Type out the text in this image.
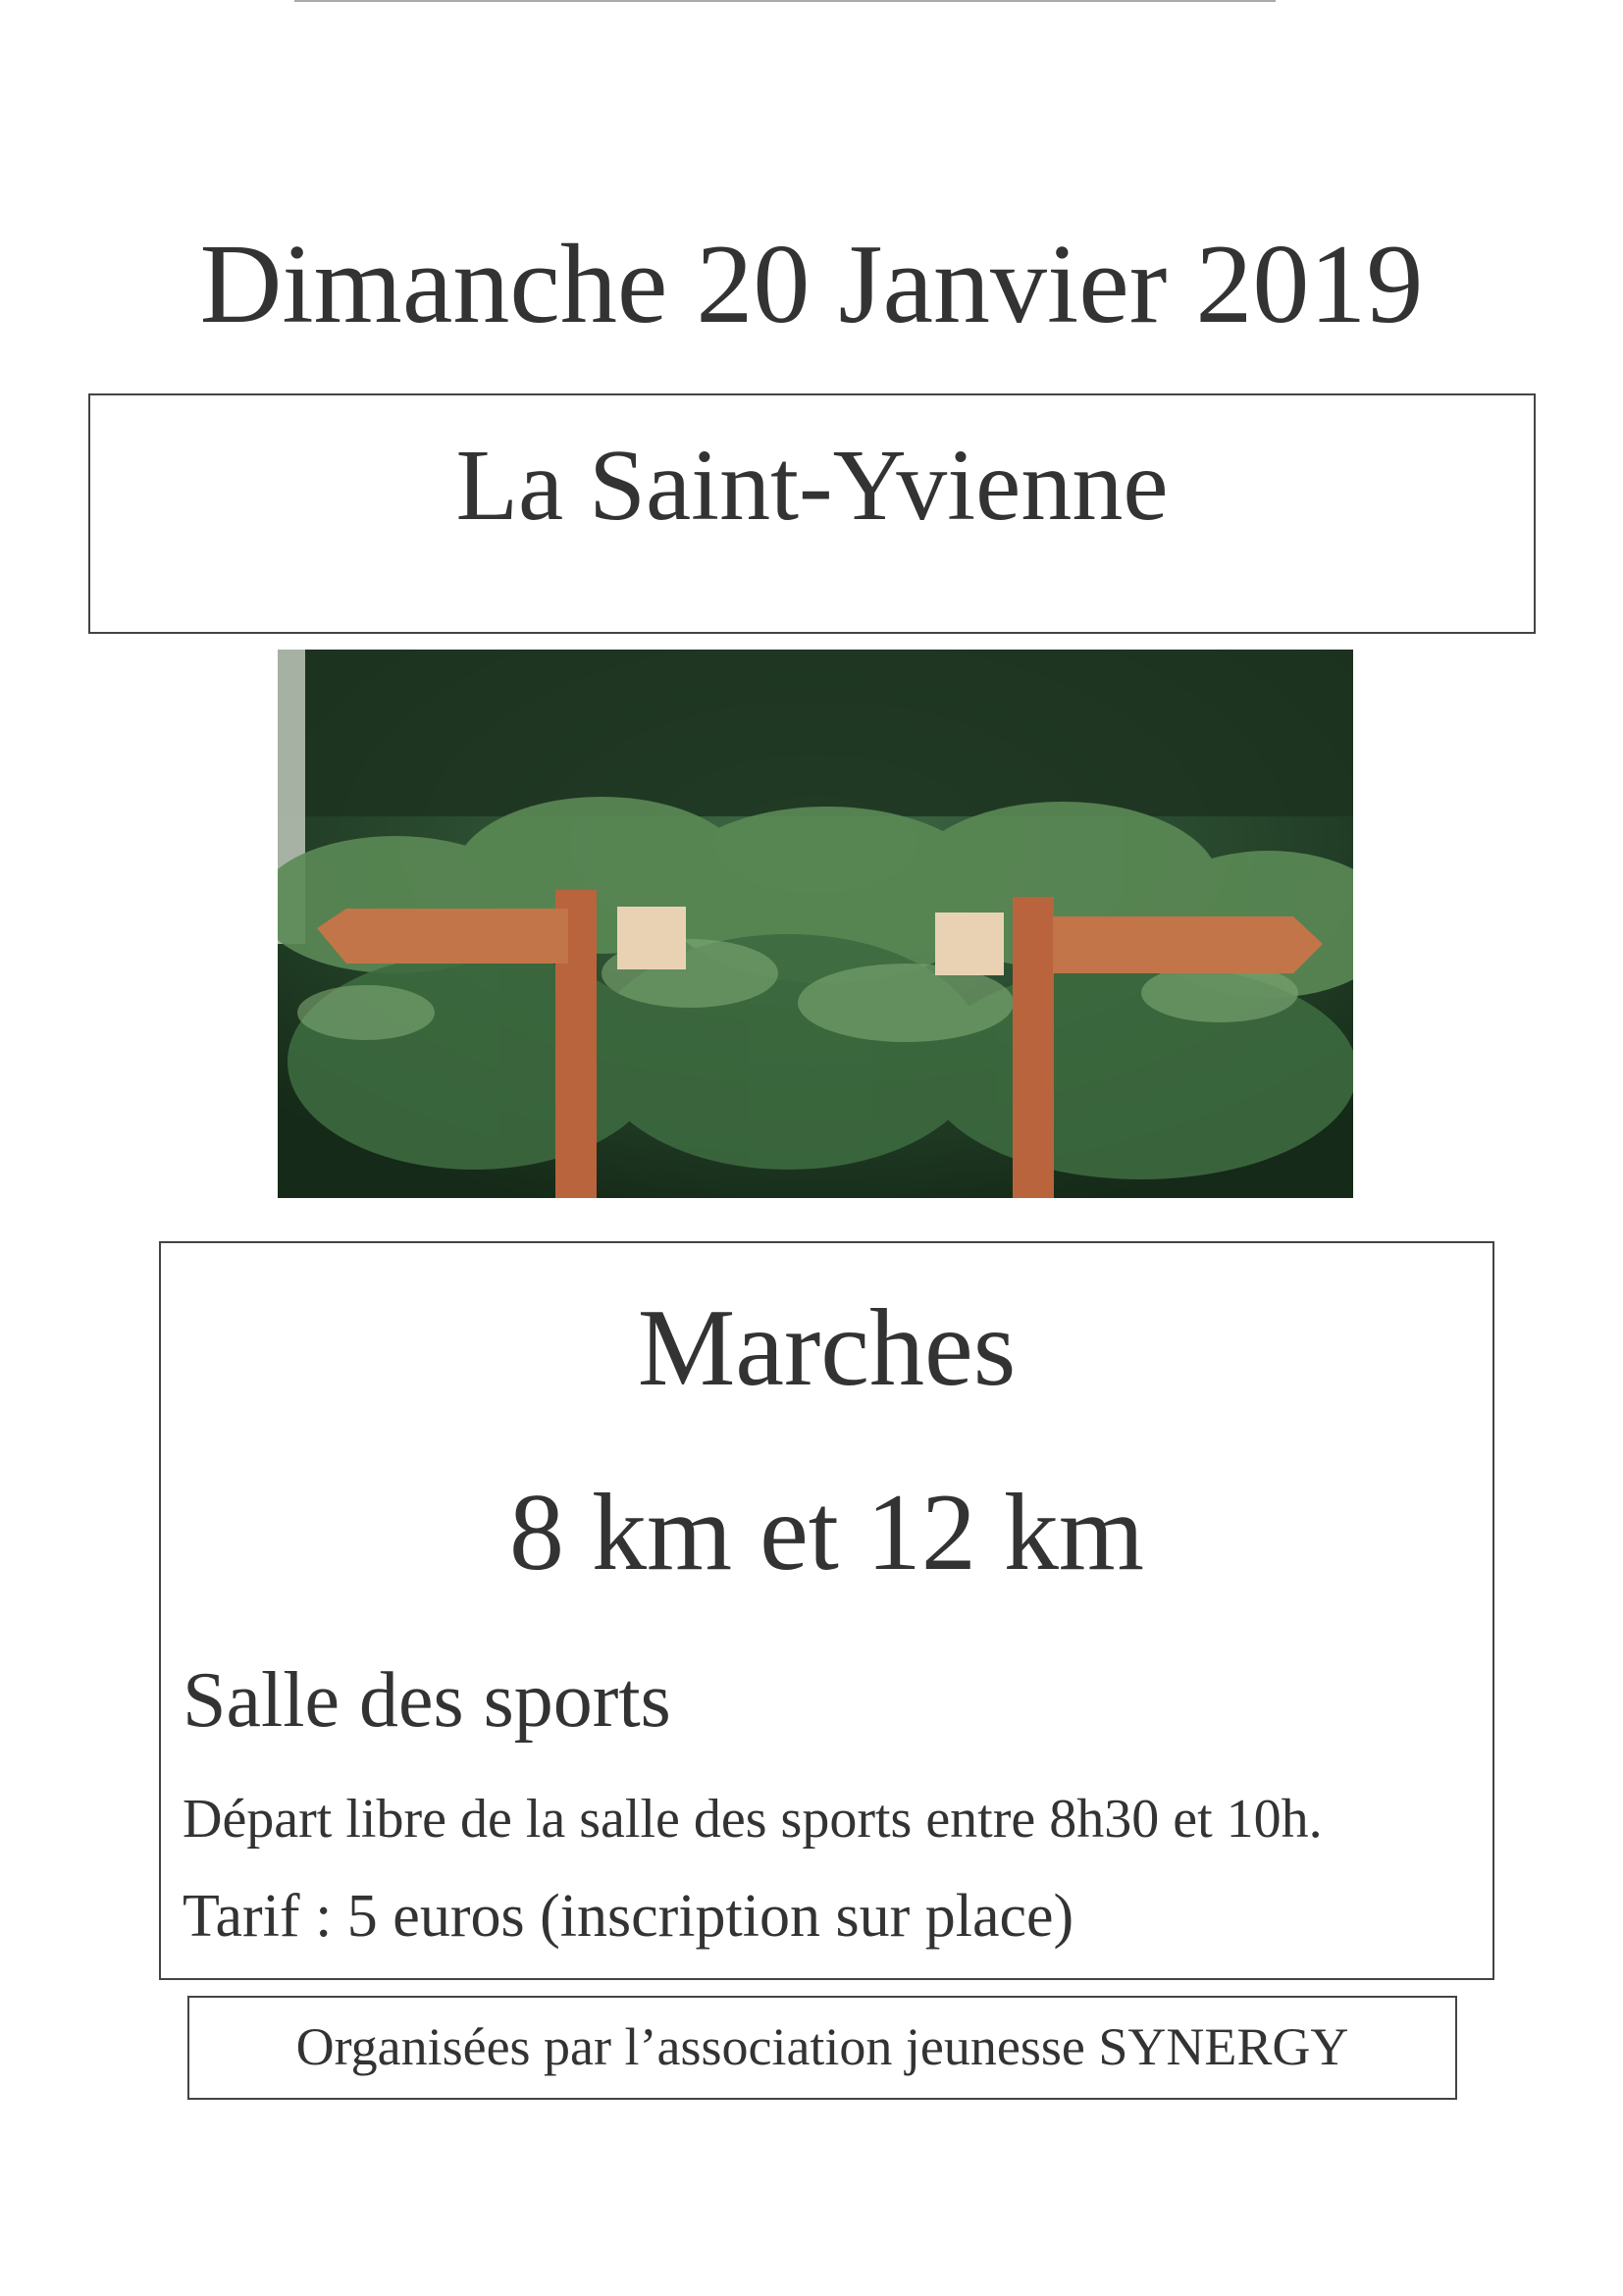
Dimanche 20 Janvier 2019
La Saint-Yvienne
Marches
8 km et 12 km
Salle des sports
Départ libre de la salle des sports entre 8h30 et 10h.
Tarif : 5 euros (inscription sur place)
Organisées par l’association jeunesse SYNERGY
